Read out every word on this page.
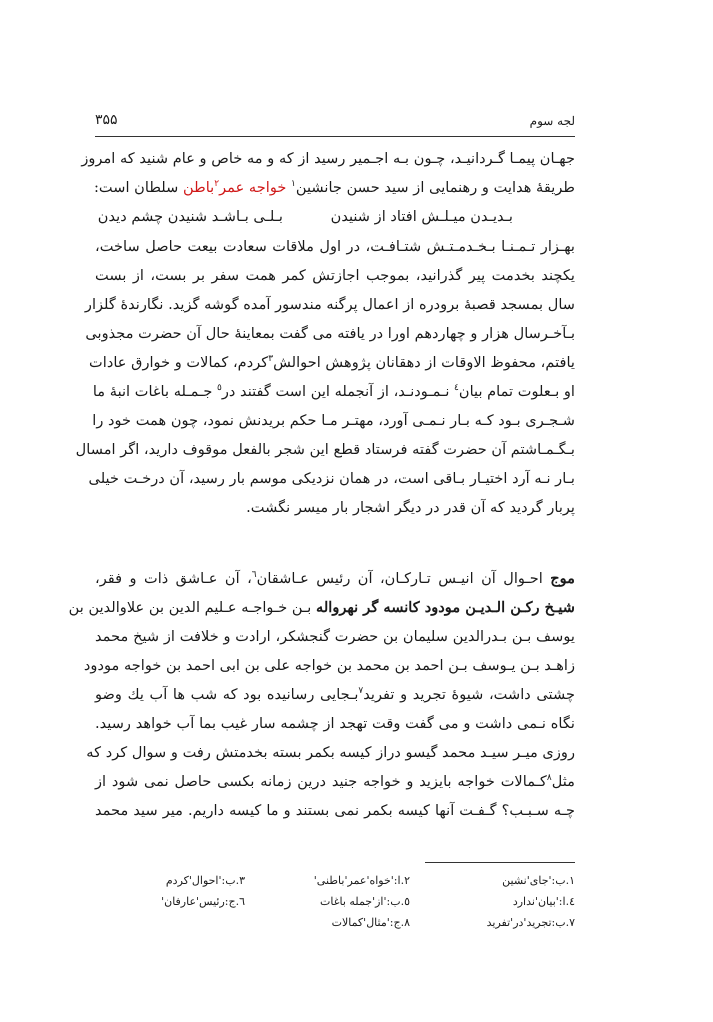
۳۵۵	لجه سوم
جهـان پیمـا گـردانیـد، چـون بـه اجـمیر رسید از که و مه خاص و عام شنید که امروز
طریقهٔ هدایت و رهنمایی از سید حسن جانشین$^۱$ خواجه عمر$^۲$باطن سلطان است:
بـدیـدن میـلـش افتاد از شنیدن
بـلـی بـاشـد شنیدن چشم دیدن
بهـزار تـمـنـا بـخـدمـتـش شتـافـت، در اول ملاقات سعادت بیعت حاصل ساخت،
یکچند بخدمت پیر گذرانید، بموجب اجازتش کمر همت سفر بر بست، از بست
سال بمسجد قصبهٔ برودره از اعمال پرگنه مندسور آمده گوشه گزید. نگارندهٔ گلزار
بـآخـرسال هزار و چهاردهم اورا در یافته می گفت بمعاینهٔ حال آن حضرت مجذوبی
یافتم، محفوظ الاوقات از دهقانان پژوهش احوالش$^۳$کردم، کمالات و خوارق عادات
او بـعلوت تمام بیان$^٤$ نـمـودنـد، از آنجمله این است گفتند در$^٥$ جـمـله باغات انبهٔ ما
شـجـری بـود کـه بـار نـمـی آورد، مهتـر مـا حکم بریدنش نمود، چون همت خود را
بـگـمـاشتم آن حضرت گفته فرستاد قطع این شجر بالفعل موقوف دارید، اگر امسال
بـار نـه آرد اختیـار بـاقی است، در همان نزدیکی موسم بار رسید، آن درخـت خیلی
پربار گردید که آن قدر در دیگر اشجار بار میسر نگشت.
موج احـوال آن انیـس تـارکـان، آن رئیس عـاشقان$^٦$، آن عـاشق ذات و فقر،
شیـخ رکـن الـدیـن مودود کانسه گر نهرواله بـن خـواجـه عـلیم الدین بن علاوالدین بن
یوسف بـن بـدرالدین سلیمان بن حضرت گنجشکر، ارادت و خلافت از شیخ محمد
زاهـد بـن یـوسف بـن احمد بن محمد بن خواجه علی بن ابی احمد بن خواجه مودود
چشتی داشت، شیوهٔ تجرید و تفرید$^۷$بـجایی رسانیده بود که شب ها آب یك وضو
نگاه نـمی داشت و می گفت وقت تهجد از چشمه سار غیب بما آب خواهد رسید.
روزی میـر سیـد محمد گیسو دراز کیسه بکمر بسته بخدمتش رفت و سوال کرد که
مثل$^۸$کـمالات خواجه بایزید و خواجه جنید درین زمانه بکسی حاصل نمی شود از
چـه سـبـب؟ گـفـت آنها کیسه بکمر نمی بستند و ما کیسه داریم. میر سید محمد
۱.ب:'جای'نشین
۲.ا:'خواه'عمر'باطنی'
۳.ب:'احوال'کردم
٤.ا:'بیان'ندارد
٥.ب:'از'جمله باغات
٦.ج:رئیس'عارفان'
۷.ب:تجرید'در'تفرید
۸.ج:'مثال'کمالات
